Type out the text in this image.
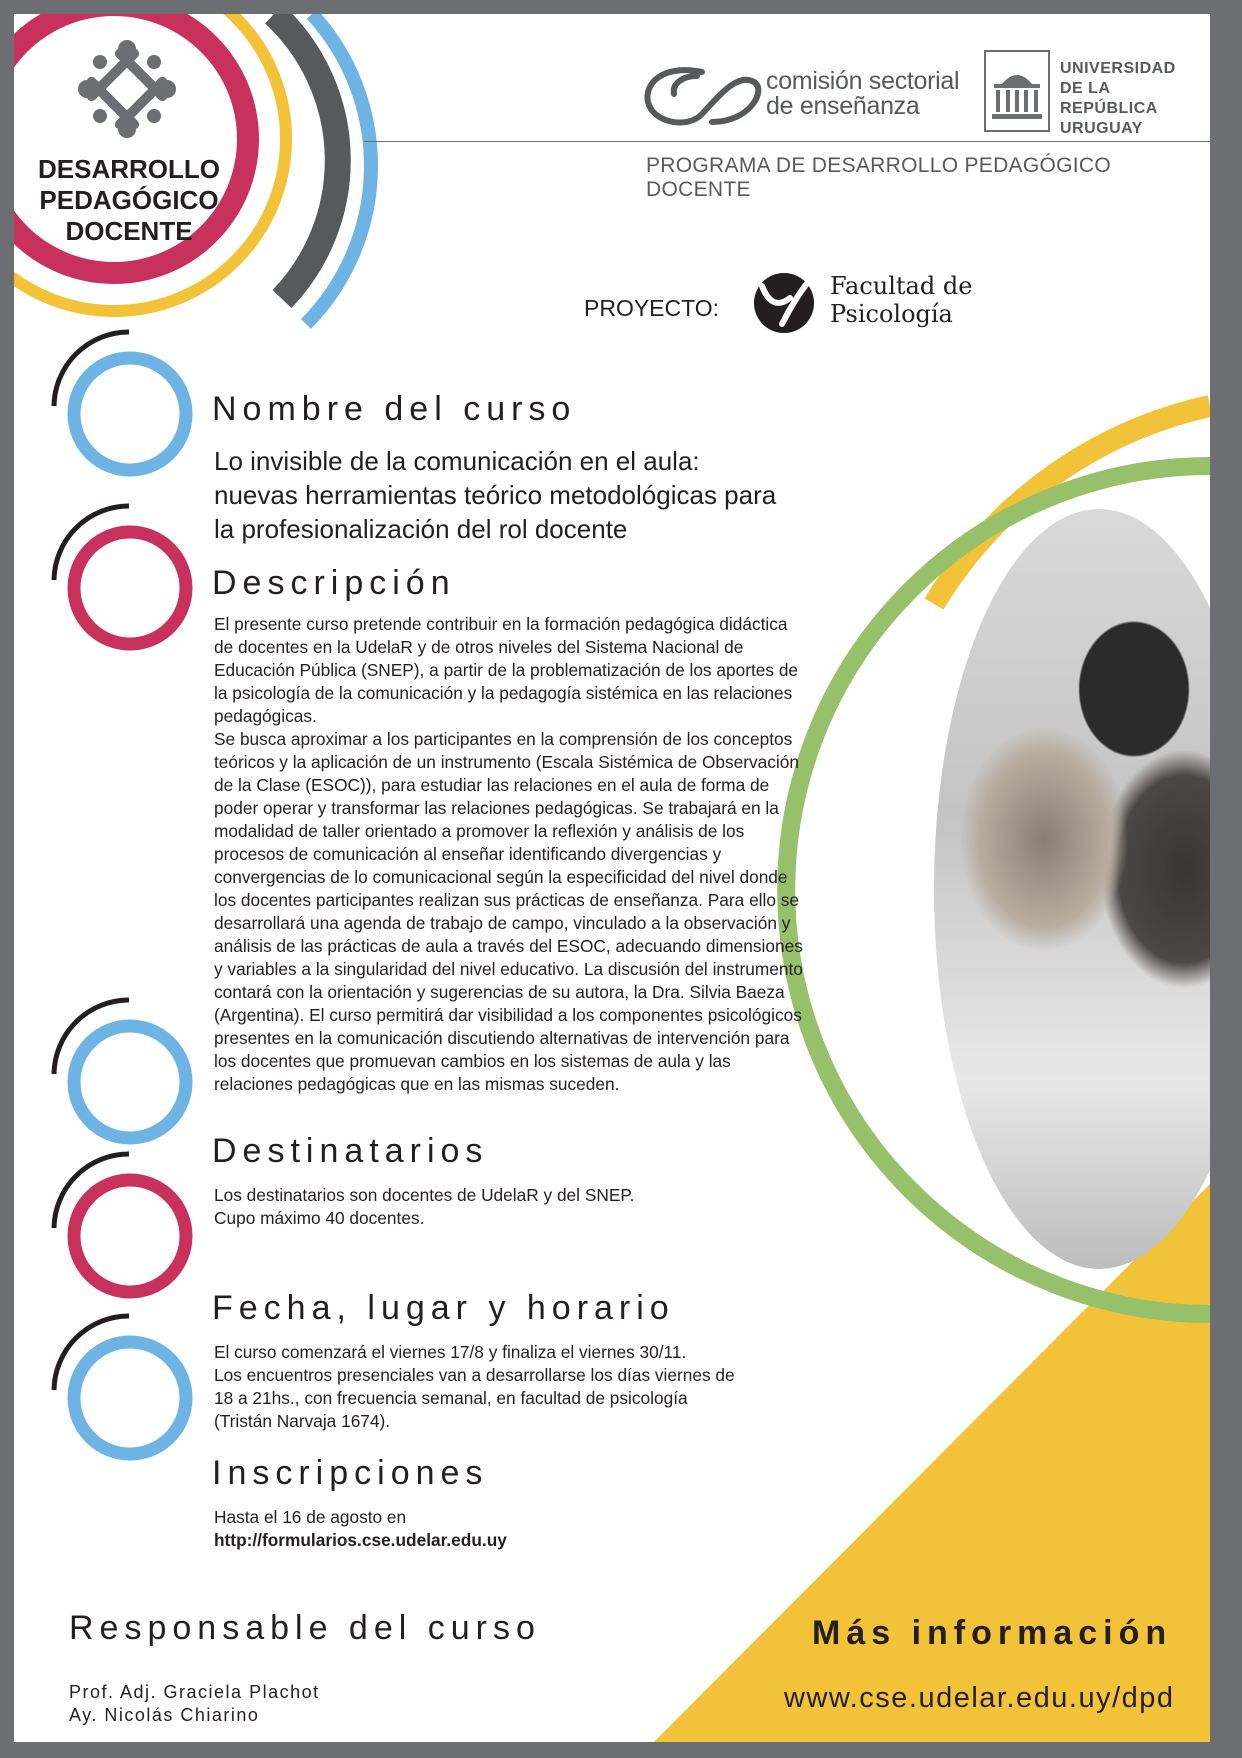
DESARROLLO
PEDAGÓGICO
DOCENTE
comisión sectorial
de enseñanza
UNIVERSIDAD
DE LA REPÚBLICA
URUGUAY
PROGRAMA DE DESARROLLO PEDAGÓGICO DOCENTE
PROYECTO:
Facultad de
Psicología
Nombre del curso
Lo invisible de la comunicación en el aula:
nuevas herramientas teórico metodológicas para
la profesionalización del rol docente
Descripción

El presente curso pretende contribuir en la formación pedagógica didáctica

de docentes en la UdelaR y de otros niveles del Sistema Nacional de

Educación Pública (SNEP), a partir de la problematización de los aportes de

la psicología de la comunicación y la pedagogía sistémica en las relaciones

pedagógicas.

Se busca aproximar a los participantes en la comprensión de los conceptos

teóricos y la aplicación de un instrumento (Escala Sistémica de Observación

de la Clase (ESOC)), para estudiar las relaciones en el aula de forma de

poder operar y transformar las relaciones pedagógicas. Se trabajará en la

modalidad de taller orientado a promover la reflexión y análisis de los

procesos de comunicación al enseñar identificando divergencias y

convergencias de lo comunicacional según la especificidad del nivel donde

los docentes participantes realizan sus prácticas de enseñanza. Para ello se

desarrollará una agenda de trabajo de campo, vinculado a la observación y

análisis de las prácticas de aula a través del ESOC, adecuando dimensiones

y variables a la singularidad del nivel educativo. La discusión del instrumento

contará con la orientación y sugerencias de su autora, la Dra. Silvia Baeza

(Argentina). El curso permitirá dar visibilidad a los componentes psicológicos

presentes en la comunicación discutiendo alternativas de intervención para

los docentes que promuevan cambios en los sistemas de aula y las

relaciones pedagógicas que en las mismas suceden.

Destinatarios

Los destinatarios son docentes de UdelaR y del SNEP.

Cupo máximo 40 docentes.

Fecha, lugar y horario

El curso comenzará el viernes 17/8 y finaliza el viernes 30/11.

Los encuentros presenciales van a desarrollarse los días viernes de

18 a 21hs., con frecuencia semanal, en facultad de psicología

(Tristán Narvaja 1674).

Inscripciones

Hasta el 16 de agosto en

http://formularios.cse.udelar.edu.uy

Responsable del curso
Prof. Adj. Graciela Plachot
Ay. Nicolás Chiarino
Más información
www.cse.udelar.edu.uy/dpd
